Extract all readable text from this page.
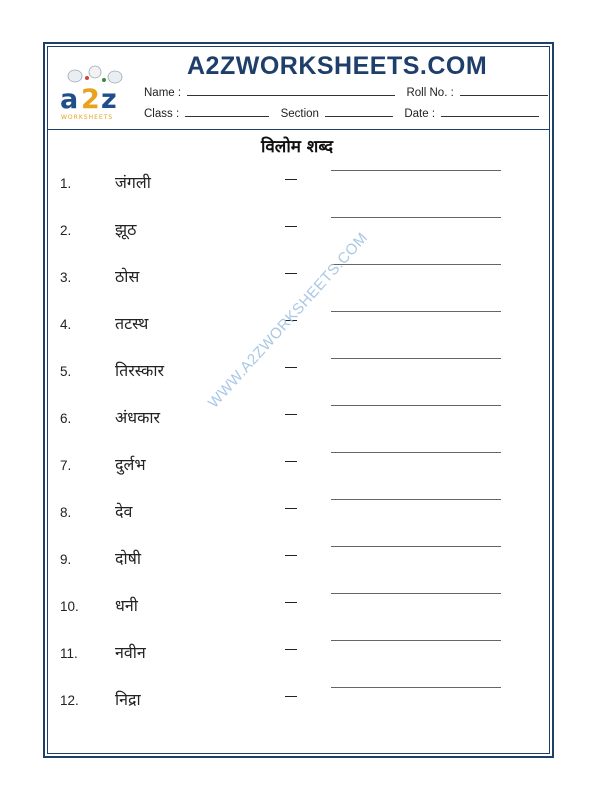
a 2 z
WORKSHEETS
A2ZWORKSHEETS.COM
Name :	Roll No. :
Class :	Section	Date :
विलोम शब्द
1.	जंगली
2.	झूठ
3.	ठोस
4.	तटस्थ
5.	तिरस्कार
6.	अंधकार
7.	दुर्लभ
8.	देव
9.	दोषी
10. धनी
11. नवीन
12. निद्रा
WWW.A2ZWORKSHEETS.COM
